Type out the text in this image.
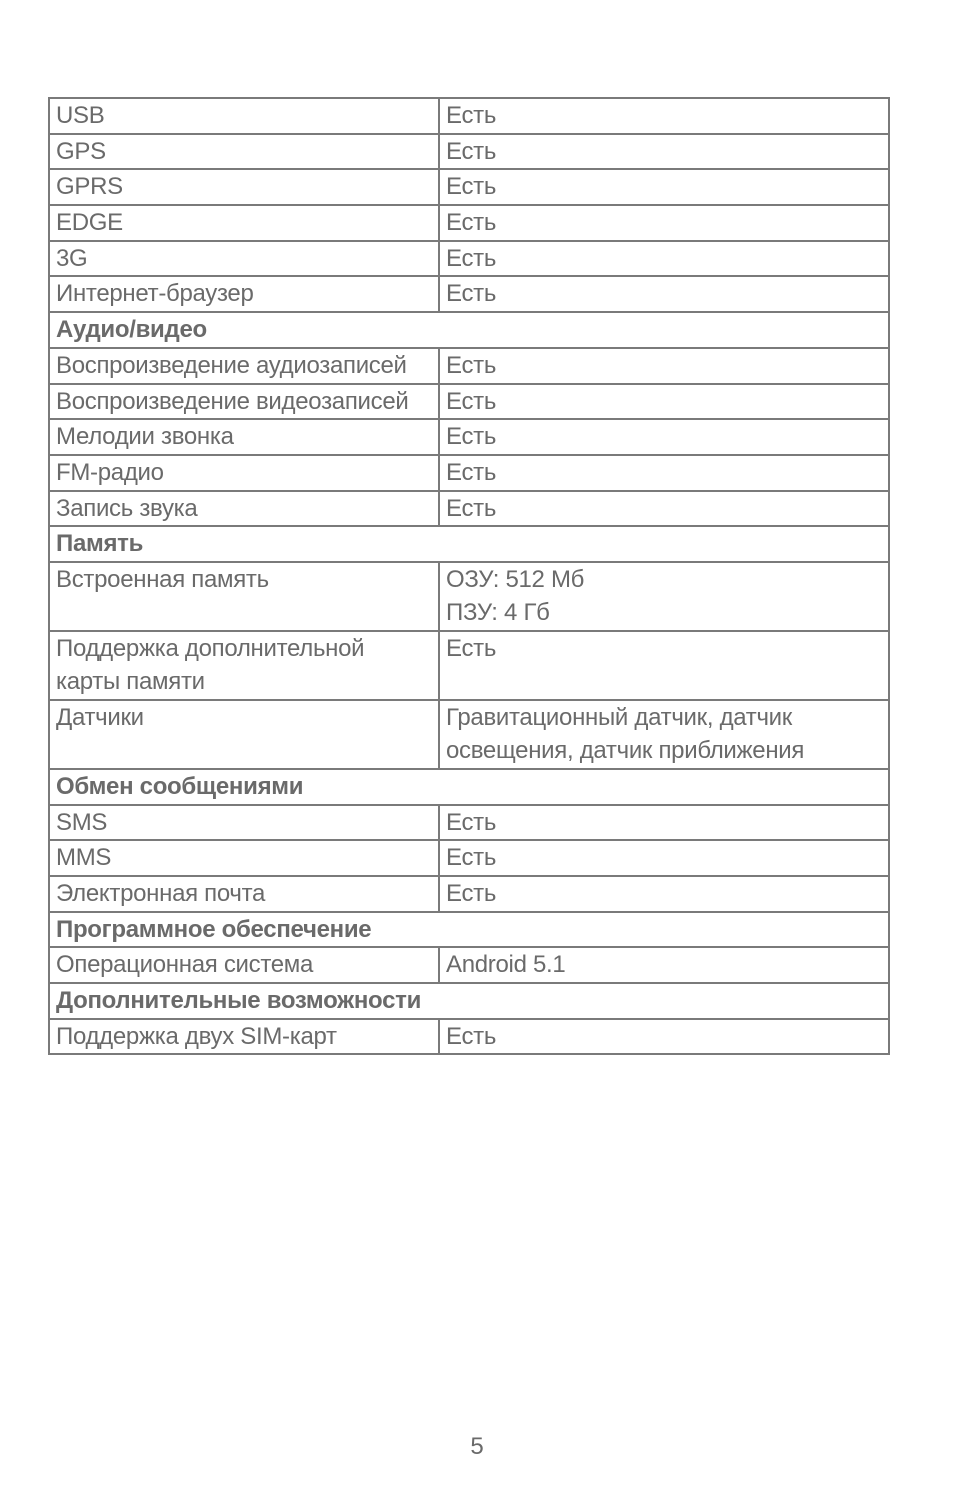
USB	Есть
GPS	Есть
GPRS	Есть
EDGE	Есть
3G	Есть
Интернет-браузер	Есть
Аудио/видео	
Воспроизведение аудиозаписей	Есть
Воспроизведение видеозаписей	Есть
Мелодии звонка	Есть
FM-радио	Есть
Запись звука	Есть
Память	
Встроенная память	ОЗУ: 512 Мб
ПЗУ: 4 Гб

Поддержка дополнительной
карты памяти	Есть
Датчики	Гравитационный датчик, датчик
освещения, датчик приближения

Обмен сообщениями	
SMS	Есть
MMS	Есть
Электронная почта	Есть
Программное обеспечение	
Операционная система	Android 5.1
Дополнительные возможности	
Поддержка двух SIM-карт	Есть
5
